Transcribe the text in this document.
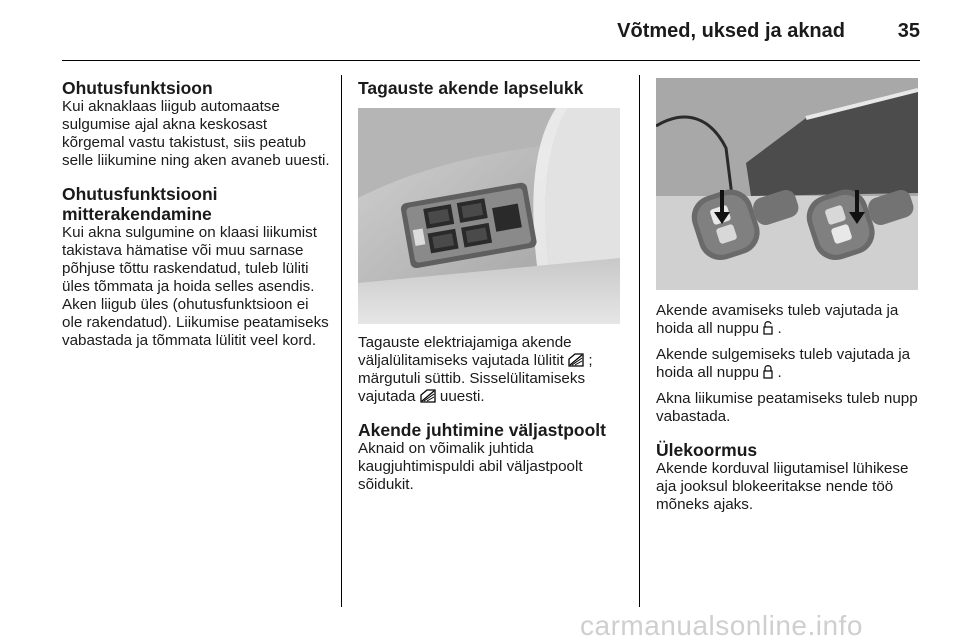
Võtmed, uksed ja aknad	35
Ohutusfunktsioon

Kui aknaklaas liigub automaatse sulgumise ajal akna keskosast kõrgemal vastu takistust, siis peatub selle liikumine ning aken avaneb uuesti.

Ohutusfunktsiooni mitterakendamine

Kui akna sulgumine on klaasi liikumist takistava hämatise või muu sarnase põhjuse tõttu raskendatud, tuleb lüliti üles tõmmata ja hoida selles asendis. Aken liigub üles (ohutusfunktsioon ei ole rakendatud). Liikumise peatamiseks vabastada ja tõmmata lülitit veel kord.

Tagauste akende lapselukk

Tagauste elektriajamiga akende väljalülitamiseks vajutada lülitit  ; märgutuli süttib. Sisselülitamiseks vajutada  uuesti.

Akende juhtimine väljastpoolt

Aknaid on võimalik juhtida kaugjuhtimispuldi abil väljastpoolt sõidukit.

Akende avamiseks tuleb vajutada ja hoida all nuppu  .

Akende sulgemiseks tuleb vajutada ja hoida all nuppu  .

Akna liikumise peatamiseks tuleb nupp vabastada.

Ülekoormus

Akende korduval liigutamisel lühikese aja jooksul blokeeritakse nende töö mõneks ajaks.

carmanualsonline.info
